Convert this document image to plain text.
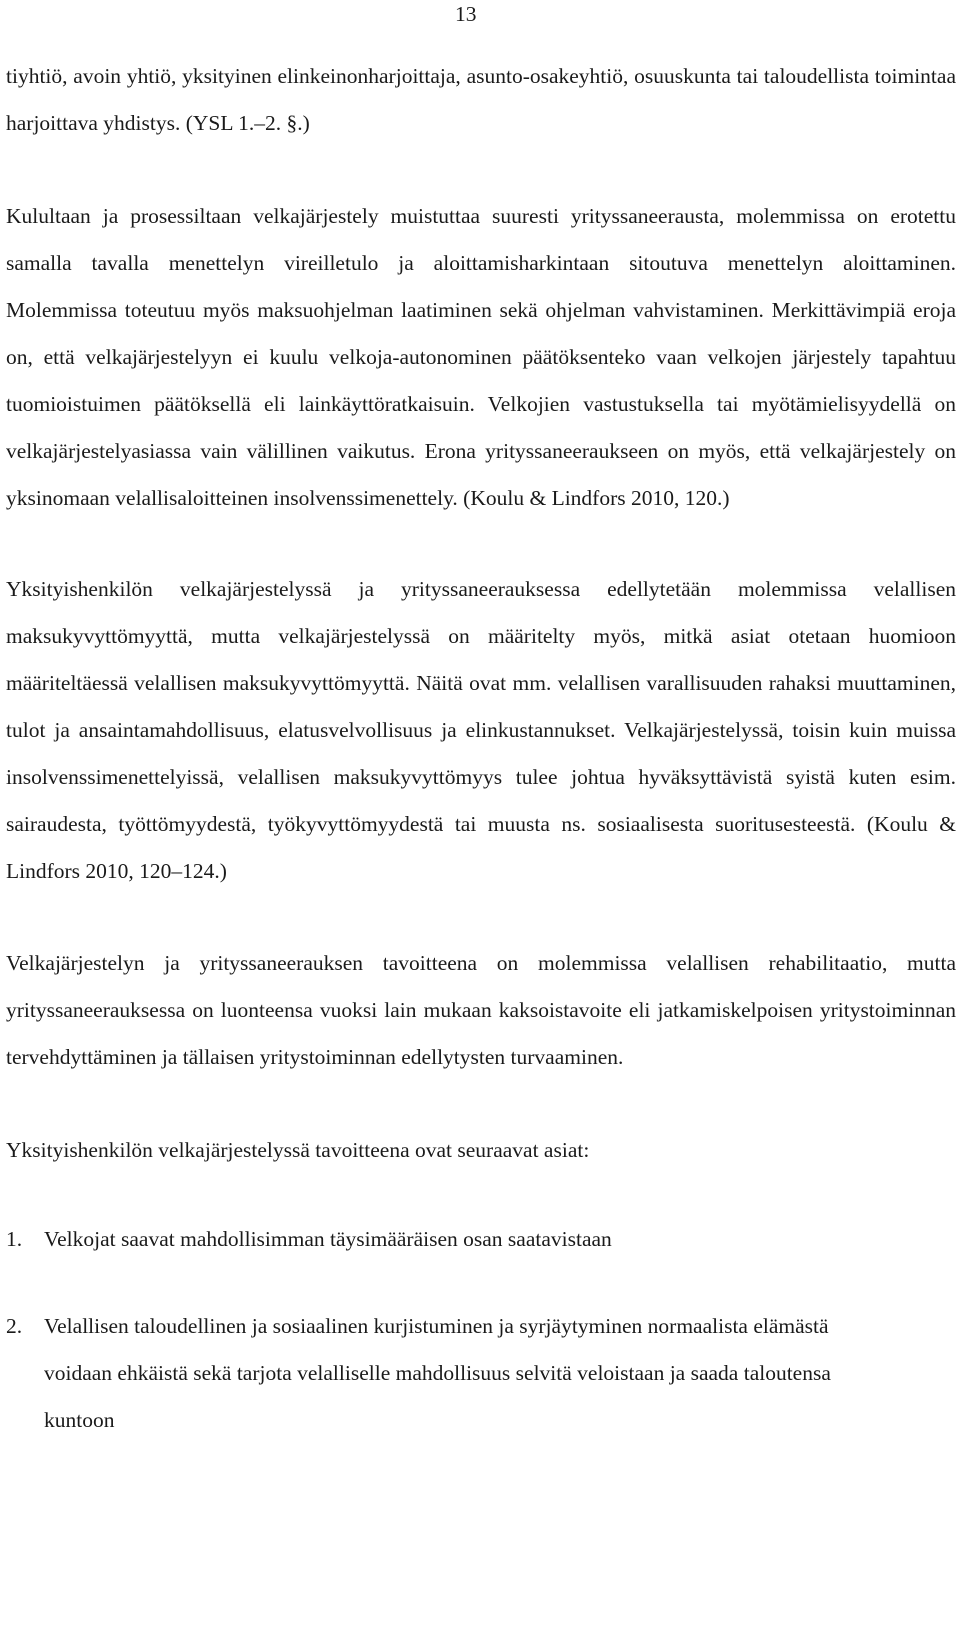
13

tiyhtiö, avoin yhtiö, yksityinen elinkeinonharjoittaja, asunto-osakeyhtiö, osuuskunta tai taloudellista toimintaa harjoittava yhdistys. (YSL 1.–2. §.)

Kulultaan ja prosessiltaan velkajärjestely muistuttaa suuresti yrityssaneerausta, molemmissa on erotettu samalla tavalla menettelyn vireilletulo ja aloittamisharkintaan sitoutuva menettelyn aloittaminen. Molemmissa toteutuu myös maksuohjelman laatiminen sekä ohjelman vahvistaminen. Merkittävimpiä eroja on, että velkajärjestelyyn ei kuulu velkoja-autonominen päätöksenteko vaan velkojen järjestely tapahtuu tuomioistuimen päätöksellä eli lainkäyttöratkaisuin. Velkojien vastustuksella tai myötämielisyydellä on velkajärjestelyasiassa vain välillinen vaikutus. Erona yrityssaneeraukseen on myös, että velkajärjestely on yksinomaan velallisaloitteinen insolvenssimenettely. (Koulu & Lindfors 2010, 120.)

Yksityishenkilön velkajärjestelyssä ja yrityssaneerauksessa edellytetään molemmissa velallisen maksukyvyttömyyttä, mutta velkajärjestelyssä on määritelty myös, mitkä asiat otetaan huomioon määriteltäessä velallisen maksukyvyttömyyttä. Näitä ovat mm. velallisen varallisuuden rahaksi muuttaminen, tulot ja ansaintamahdollisuus, elatusvelvollisuus ja elinkustannukset. Velkajärjestelyssä, toisin kuin muissa insolvenssimenettelyissä, velallisen maksukyvyttömyys tulee johtua hyväksyttävistä syistä kuten esim. sairaudesta, työttömyydestä, työkyvyttömyydestä tai muusta ns. sosiaalisesta suoritusesteestä. (Koulu & Lindfors 2010, 120–124.)

Velkajärjestelyn ja yrityssaneerauksen tavoitteena on molemmissa velallisen rehabilitaatio, mutta yrityssaneerauksessa on luonteensa vuoksi lain mukaan kaksoistavoite eli jatkamiskelpoisen yritystoiminnan tervehdyttäminen ja tällaisen yritystoiminnan edellytysten turvaaminen.

Yksityishenkilön velkajärjestelyssä tavoitteena ovat seuraavat asiat:

1.	Velkojat saavat mahdollisimman täysimääräisen osan saatavistaan
2.	Velallisen taloudellinen ja sosiaalinen kurjistuminen ja syrjäytyminen normaalista elämästä voidaan ehkäistä sekä tarjota velalliselle mahdollisuus selvitä veloistaan ja saada taloutensa kuntoon
